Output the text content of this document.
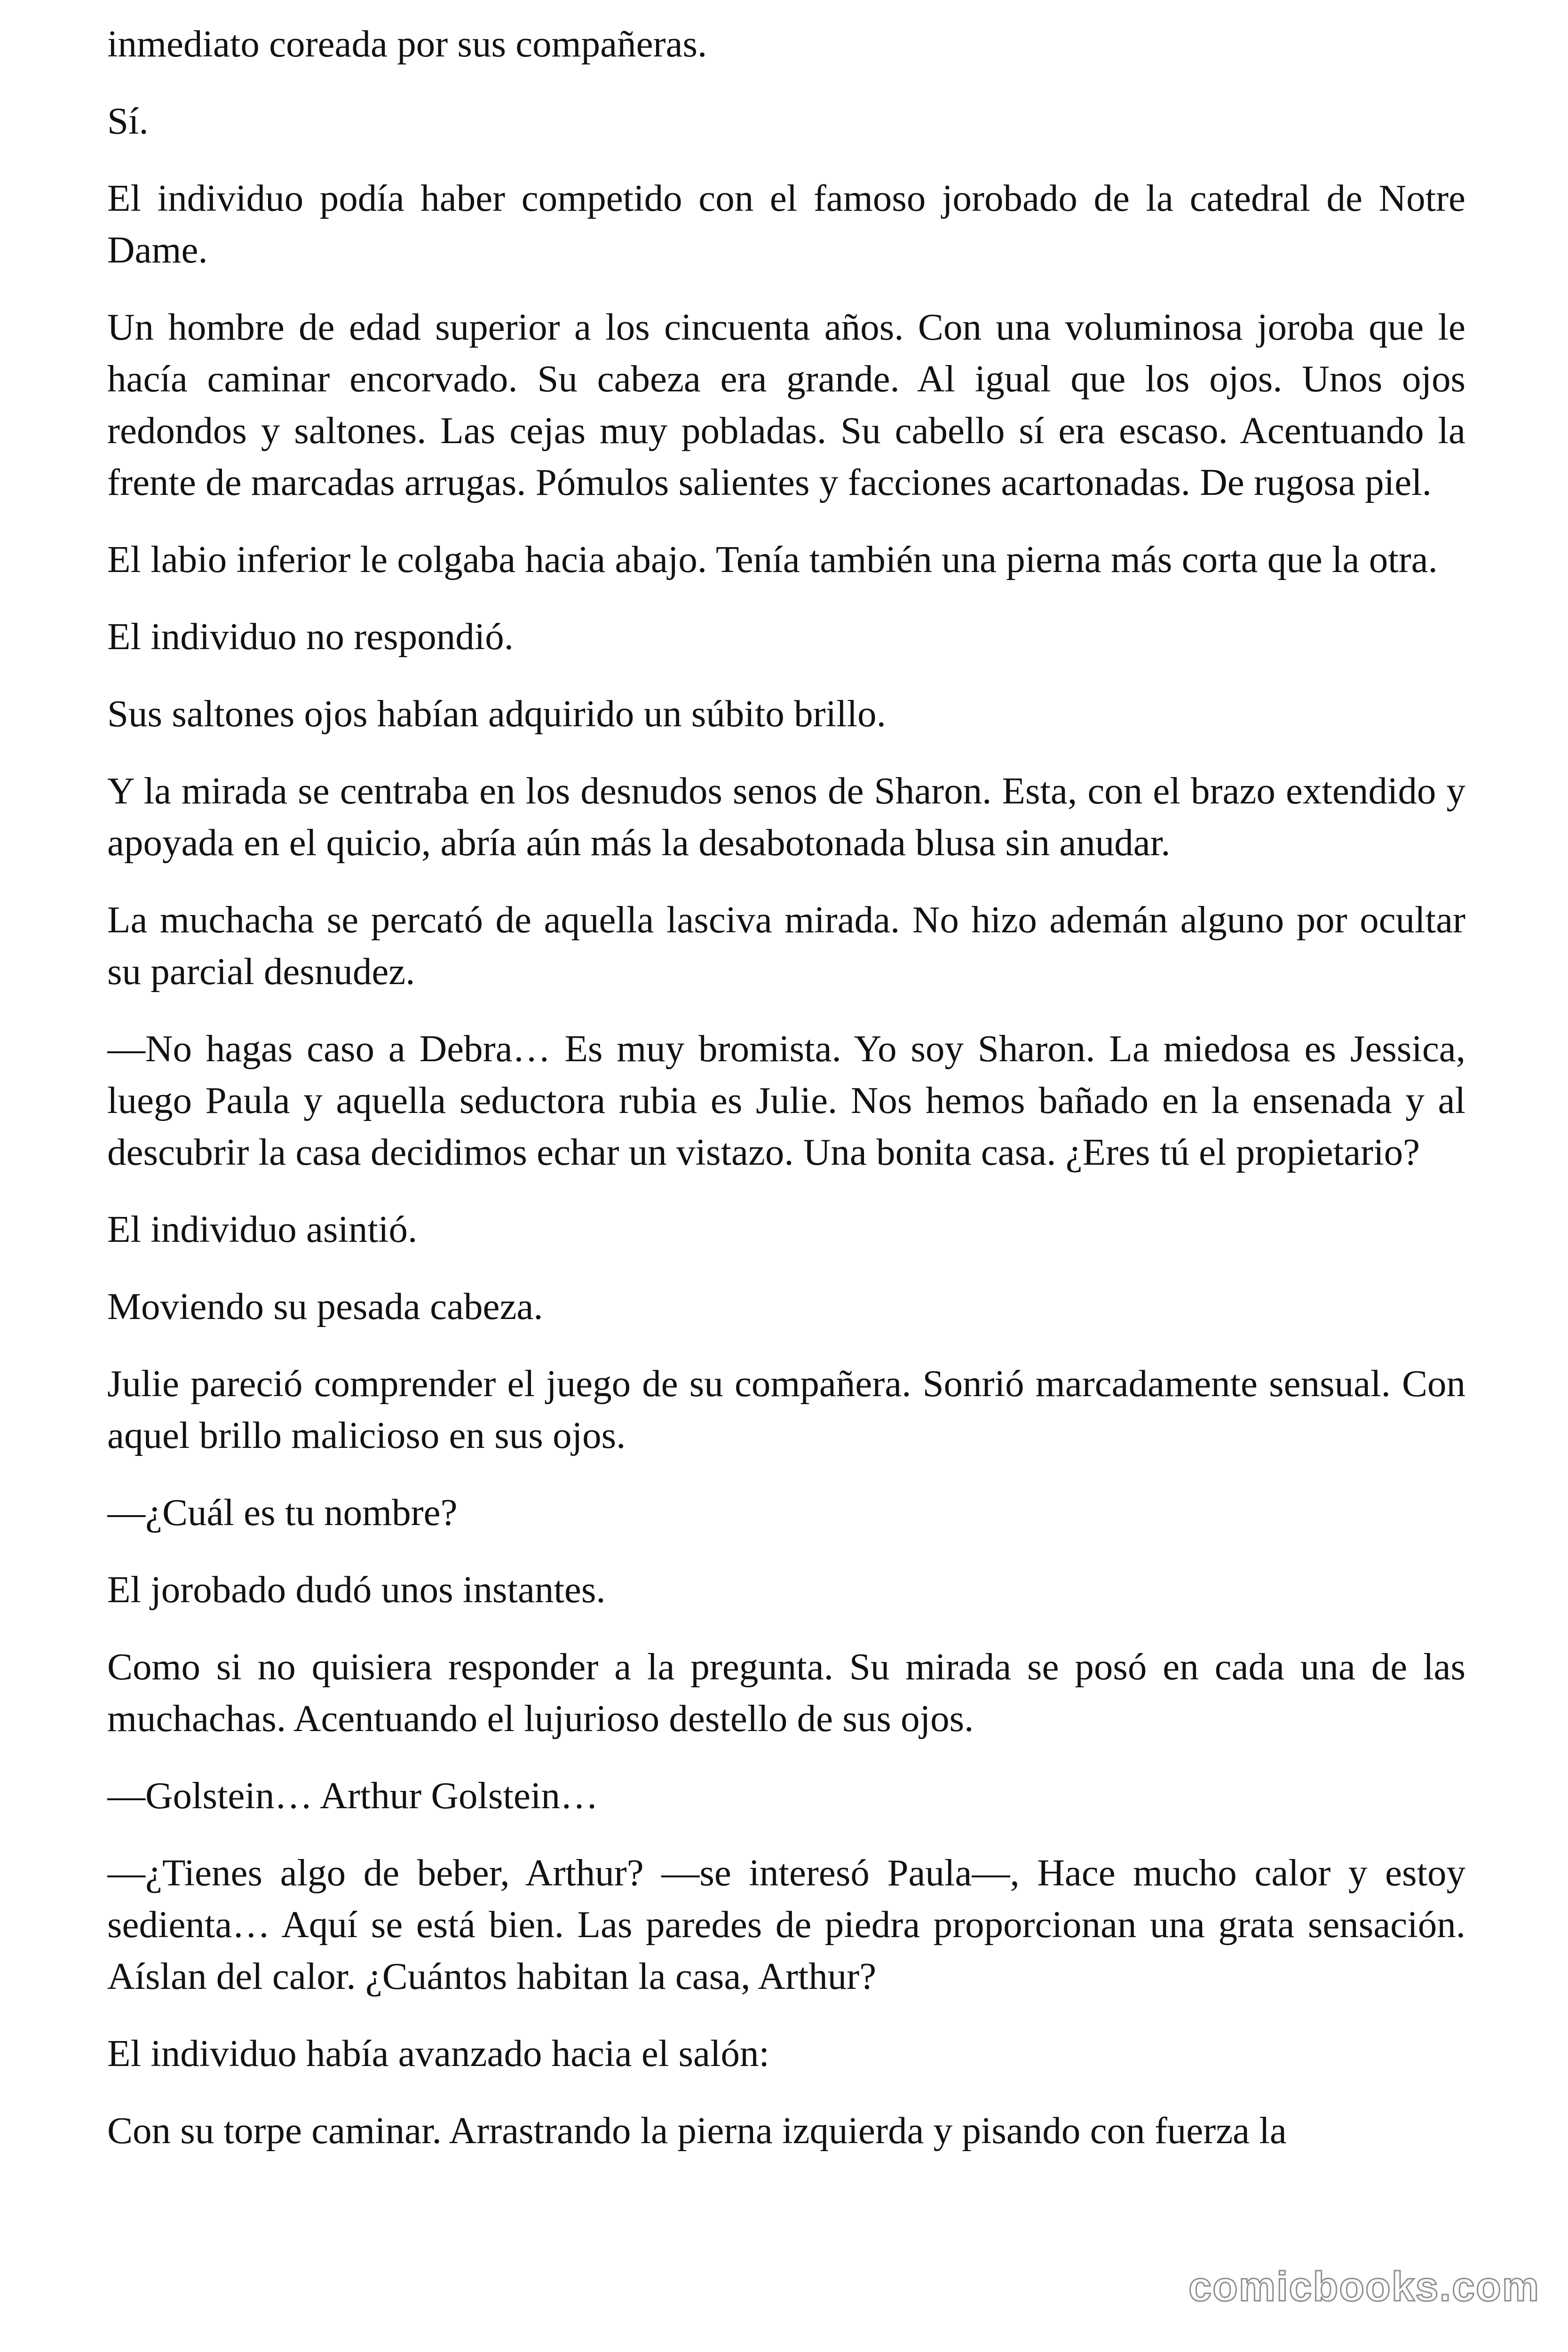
inmediato coreada por sus compañeras.

Sí.

El individuo podía haber competido con el famoso jorobado de la catedral de Notre Dame.

Un hombre de edad superior a los cincuenta años. Con una voluminosa joroba que le hacía caminar encorvado. Su cabeza era grande. Al igual que los ojos. Unos ojos redondos y saltones. Las cejas muy pobladas. Su cabello sí era escaso. Acentuando la frente de marcadas arrugas. Pómulos salientes y facciones acartonadas. De rugosa piel.

El labio inferior le colgaba hacia abajo. Tenía también una pierna más corta que la otra.

El individuo no respondió.

Sus saltones ojos habían adquirido un súbito brillo.

Y la mirada se centraba en los desnudos senos de Sharon. Esta, con el brazo extendido y apoyada en el quicio, abría aún más la desabotonada blusa sin anudar.

La muchacha se percató de aquella lasciva mirada. No hizo ademán alguno por ocultar su parcial desnudez.

—No hagas caso a Debra… Es muy bromista. Yo soy Sharon. La miedosa es Jessica, luego Paula y aquella seductora rubia es Julie. Nos hemos bañado en la ensenada y al descubrir la casa decidimos echar un vistazo. Una bonita casa. ¿Eres tú el propietario?

El individuo asintió.

Moviendo su pesada cabeza.

Julie pareció comprender el juego de su compañera. Sonrió marcadamente sensual. Con aquel brillo malicioso en sus ojos.

—¿Cuál es tu nombre?

El jorobado dudó unos instantes.

Como si no quisiera responder a la pregunta. Su mirada se posó en cada una de las muchachas. Acentuando el lujurioso destello de sus ojos.

—Golstein… Arthur Golstein…

—¿Tienes algo de beber, Arthur? —se interesó Paula—, Hace mucho calor y estoy sedienta… Aquí se está bien. Las paredes de piedra proporcionan una grata sensación. Aíslan del calor. ¿Cuántos habitan la casa, Arthur?

El individuo había avanzado hacia el salón:

Con su torpe caminar. Arrastrando la pierna izquierda y pisando con fuerza la

comicbooks.com
